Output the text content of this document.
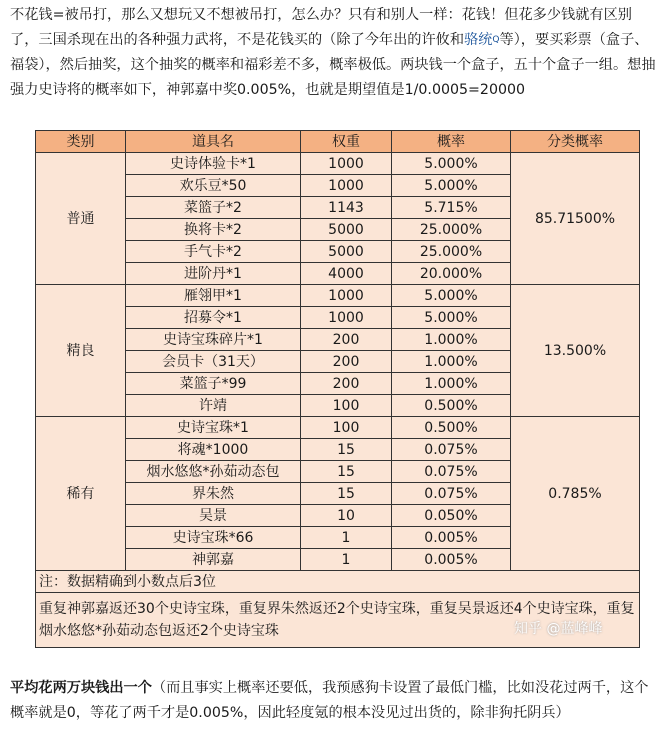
不花钱=被吊打，那么又想玩又不想被吊打，怎么办？只有和别人一样：花钱！但花多少钱就有区别了，三国杀现在出的各种强力武将，不是花钱买的（除了今年出的许攸和骆统$^Q$等），要买彩票（盒子、福袋），然后抽奖，这个抽奖的概率和福彩差不多，概率极低。两块钱一个盒子，五十个盒子一组。想抽强力史诗将的概率如下，神郭嘉中奖0.005%，也就是期望值是1/0.0005=20000
类别	道具名	权重	概率	分类概率
普通	史诗体验卡*1	1000	5.000%	85.71500%
	欢乐豆*50	1000	5.000%	
	菜篮子*2	1143	5.715%	
	换将卡*2	5000	25.000%	
	手气卡*2	5000	25.000%	
	进阶丹*1	4000	20.000%	
精良	雁翎甲*1	1000	5.000%	13.500%
	招募令*1	1000	5.000%	
	史诗宝珠碎片*1	200	1.000%	
	会员卡（31天）	200	1.000%	
	菜篮子*99	200	1.000%	
	许靖	100	0.500%	
稀有	史诗宝珠*1	100	0.500%	0.785%
	将魂*1000	15	0.075%	
	烟水悠悠*孙茹动态包	15	0.075%	
	界朱然	15	0.075%	
	吴景	10	0.050%	
	史诗宝珠*66	1	0.005%	
	神郭嘉	1	0.005%	
注：数据精确到小数点后3位				
重复神郭嘉返还30个史诗宝珠，重复界朱然返还2个史诗宝珠，重复吴景返还4个史诗宝珠，重复烟水悠悠*孙茹动态包返还2个史诗宝珠					知乎 @蓝峰峰
平均花两万块钱出一个（而且事实上概率还要低，我预感狗卡设置了最低门槛，比如没花过两千，这个概率就是0，等花了两千才是0.005%，因此轻度氪的根本没见过出货的，除非狗托阴兵）
